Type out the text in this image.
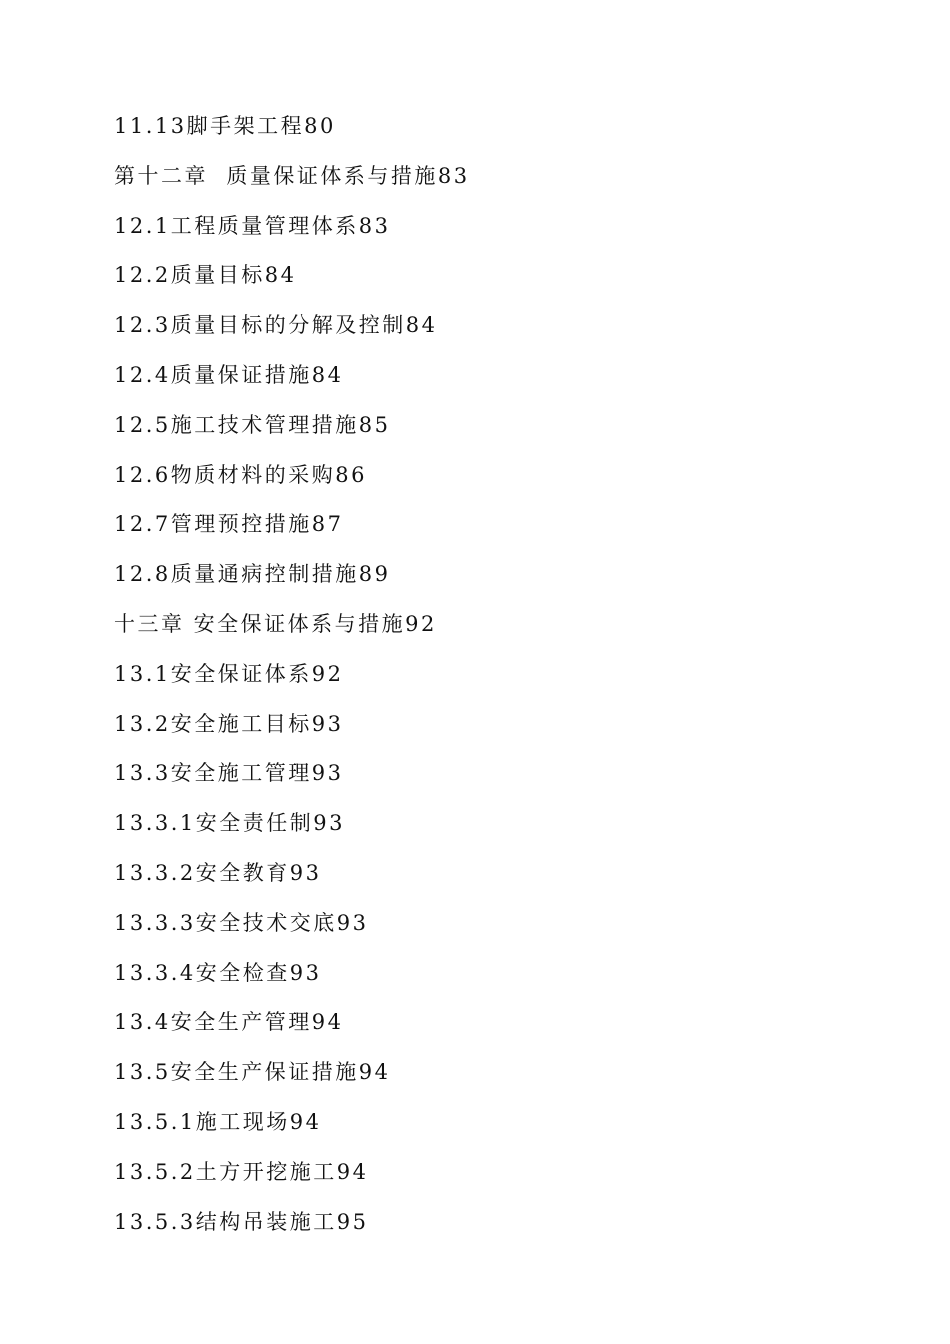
11.13脚手架工程80
第十二章  质量保证体系与措施83
12.1工程质量管理体系83
12.2质量目标84
12.3质量目标的分解及控制84
12.4质量保证措施84
12.5施工技术管理措施85
12.6物质材料的采购86
12.7管理预控措施87
12.8质量通病控制措施89
十三章 安全保证体系与措施92
13.1安全保证体系92
13.2安全施工目标93
13.3安全施工管理93
13.3.1安全责任制93
13.3.2安全教育93
13.3.3安全技术交底93
13.3.4安全检查93
13.4安全生产管理94
13.5安全生产保证措施94
13.5.1施工现场94
13.5.2土方开挖施工94
13.5.3结构吊装施工95
